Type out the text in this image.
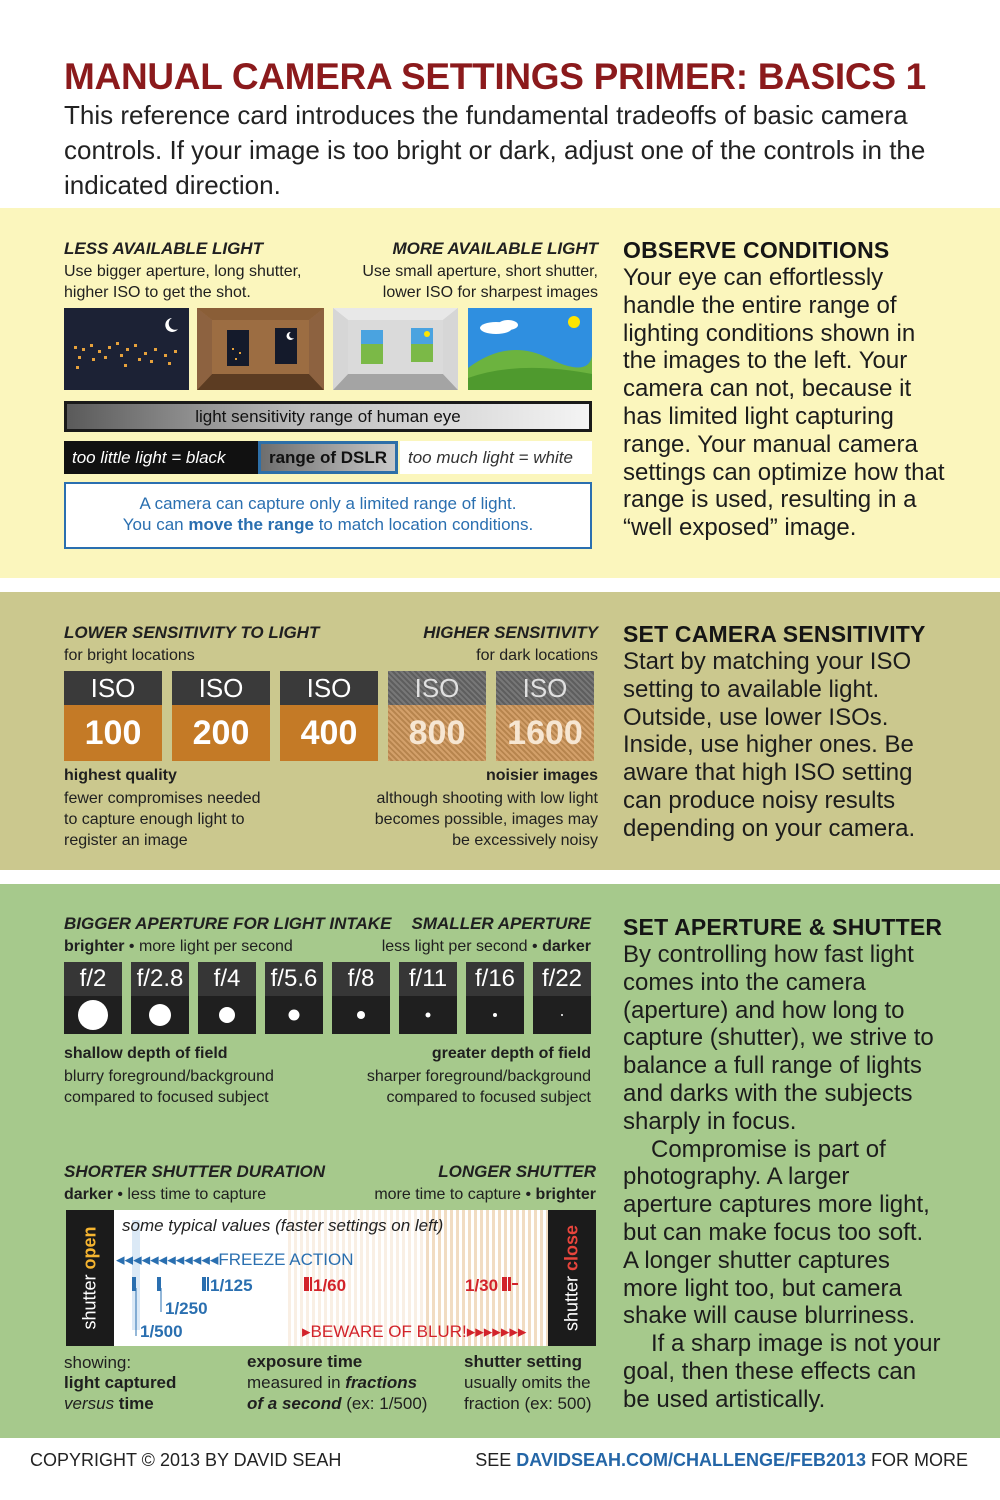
MANUAL CAMERA SETTINGS PRIMER: BASICS 1
This reference card introduces the fundamental tradeoffs of basic camera controls. If your image is too bright or dark, adjust one of the controls in the indicated direction.
LESS AVAILABLE LIGHT
Use bigger aperture, long shutter,
higher ISO to get the shot.
MORE AVAILABLE LIGHT
Use small aperture, short shutter,
lower ISO for sharpest images
light sensitivity range of human eye
too little light = black	range of DSLR	too much light = white
A camera can capture only a limited range of light.
You can move the range to match location conditions.
OBSERVE CONDITIONS
Your eye can effortlessly handle the entire range of lighting conditions shown in the images to the left. Your camera can not, because it has limited light capturing range. Your manual camera settings can optimize how that range is used, resulting in a “well exposed” image.
LOWER SENSITIVITY TO LIGHT
for bright locations
HIGHER SENSITIVITY
for dark locations
ISO
100
ISO
200
ISO
400
ISO
800
ISO
1600
highest quality
fewer compromises needed
to capture enough light to
register an image
noisier images
although shooting with low light
becomes possible, images may
be excessively noisy
SET CAMERA SENSITIVITY
Start by matching your ISO setting to available light. Outside, use lower ISOs. Inside, use higher ones. Be aware that high ISO setting can produce noisy results depending on your camera.
BIGGER APERTURE FOR LIGHT INTAKE
brighter • more light per second
SMALLER APERTURE
less light per second • darker
f/2	f/2.8	f/4	f/5.6	f/8	f/11	f/16	f/22
shallow depth of field
blurry foreground/background
compared to focused subject
greater depth of field
sharper foreground/background
compared to focused subject
SHORTER SHUTTER DURATION
darker • less time to capture
LONGER SHUTTER
more time to capture • brighter
some typical values (faster settings on left)
◂◂◂◂◂◂◂◂◂◂◂◂FREEZE ACTION
1/125
1/250
1/500
1/60	1/30
▸BEWARE OF BLUR!▸▸▸▸▸▸▸
shutter open
shutter close
showing:
light captured
versus time
exposure time
measured in fractions
of a second (ex: 1/500)
shutter setting
usually omits the
fraction (ex: 500)
SET APERTURE & SHUTTER
By controlling how fast light comes into the camera (aperture) and how long to capture (shutter), we strive to balance a full range of lights and darks with the subjects sharply in focus.
Compromise is part of photography. A larger aperture captures more light, but can make focus too soft. A longer shutter captures more light too, but camera shake will cause blurriness.
If a sharp image is not your goal, then these effects can be used artistically.
COPYRIGHT © 2013 BY DAVID SEAH	SEE DAVIDSEAH.COM/CHALLENGE/FEB2013 FOR MORE
